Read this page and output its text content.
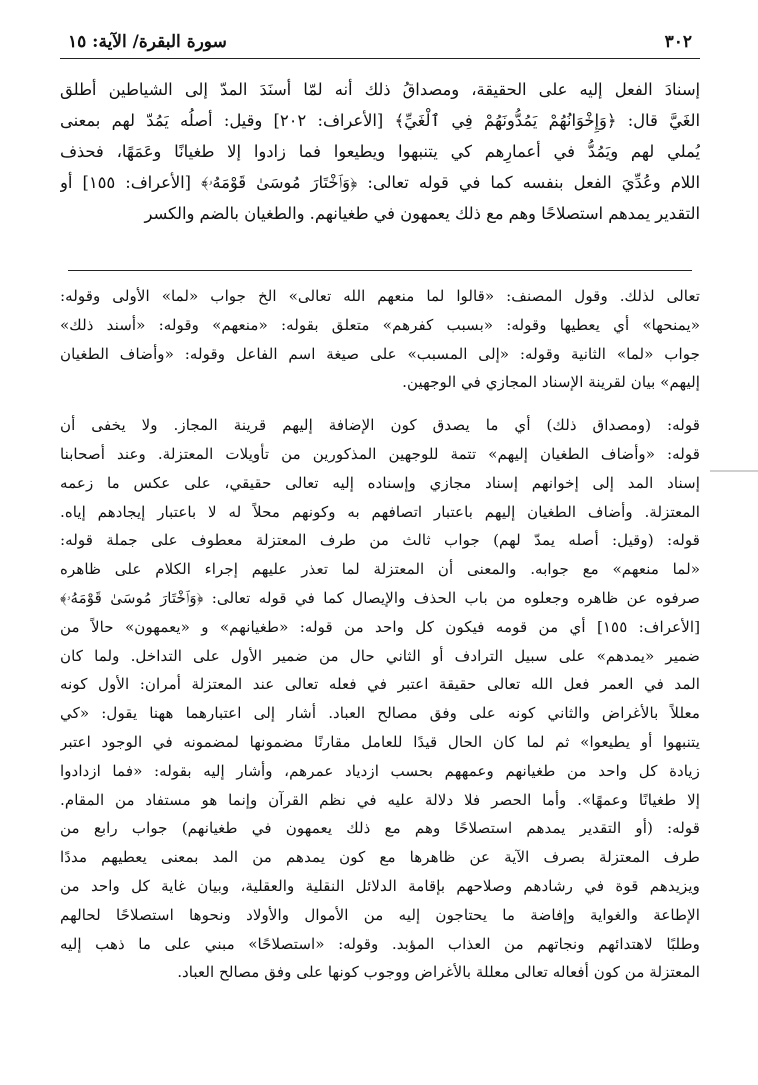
٣٠٢
سورة البقرة/ الآية: ١٥
إسنادَ الفعل إليه على الحقيقة، ومصداقُ ذلك أنه لمّا أسنَدَ المدّ إلى الشياطين أطلق
الغَيَّ قال: ﴿وَإِخْوَانُهُمْ يَمُدُّونَهُمْ فِي ٱلْغَيِّ﴾ [الأعراف: ٢٠٢] وقيل: أصلُه يَمُدّ لهم بمعنى
يُملي لهم ويَمُدُّ في أعمارِهم كي يتنبهوا ويطيعوا فما زادوا إلا طغيانًا وعَمَهًا، فحذف
اللام وعُدِّيَ الفعل بنفسه كما في قوله تعالى: ﴿وَٱخْتَارَ مُوسَىٰ قَوْمَهُۥ﴾ [الأعراف: ١٥٥] أو
التقدير يمدهم استصلاحًا وهم مع ذلك يعمهون في طغيانهم. والطغيان بالضم والكسر
تعالى لذلك. وقول المصنف: «قالوا لما منعهم الله تعالى» الخ جواب «لما» الأولى وقوله:
«يمنحها» أي يعطيها وقوله: «بسبب كفرهم» متعلق بقوله: «منعهم» وقوله: «أسند ذلك»
جواب «لما» الثانية وقوله: «إلى المسبب» على صيغة اسم الفاعل وقوله: «وأضاف الطغيان
إليهم» بيان لقرينة الإسناد المجازي في الوجهين.
قوله: (ومصداق ذلك) أي ما يصدق كون الإضافة إليهم قرينة المجاز. ولا يخفى أن
قوله: «وأضاف الطغيان إليهم» تتمة للوجهين المذكورين من تأويلات المعتزلة. وعند أصحابنا
إسناد المد إلى إخوانهم إسناد مجازي وإسناده إليه تعالى حقيقي، على عكس ما زعمه
المعتزلة. وأضاف الطغيان إليهم باعتبار اتصافهم به وكونهم محلاً له لا باعتبار إيجادهم إياه.
قوله: (وقيل: أصله يمدّ لهم) جواب ثالث من طرف المعتزلة معطوف على جملة قوله:
«لما منعهم» مع جوابه. والمعنى أن المعتزلة لما تعذر عليهم إجراء الكلام على ظاهره
صرفوه عن ظاهره وجعلوه من باب الحذف والإيصال كما في قوله تعالى: ﴿وَٱخْتَارَ مُوسَىٰ قَوْمَهُۥ﴾
[الأعراف: ١٥٥] أي من قومه فيكون كل واحد من قوله: «طغيانهم» و «يعمهون» حالاً من
ضمير «يمدهم» على سبيل الترادف أو الثاني حال من ضمير الأول على التداخل. ولما كان
المد في العمر فعل الله تعالى حقيقة اعتبر في فعله تعالى عند المعتزلة أمران: الأول كونه
معللاً بالأغراض والثاني كونه على وفق مصالح العباد. أشار إلى اعتبارهما ههنا يقول: «كي
يتنبهوا أو يطيعوا» ثم لما كان الحال قيدًا للعامل مقارنًا مضمونها لمضمونه في الوجود اعتبر
زيادة كل واحد من طغيانهم وعمههم بحسب ازدياد عمرهم، وأشار إليه بقوله: «فما ازدادوا
إلا طغيانًا وعمهًا». وأما الحصر فلا دلالة عليه في نظم القرآن وإنما هو مستفاد من المقام.
قوله: (أو التقدير يمدهم استصلاحًا وهم مع ذلك يعمهون في طغيانهم) جواب رابع من
طرف المعتزلة بصرف الآية عن ظاهرها مع كون يمدهم من المد بمعنى يعطيهم مددًا
ويزيدهم قوة في رشادهم وصلاحهم بإقامة الدلائل النقلية والعقلية، وبيان غاية كل واحد من
الإطاعة والغواية وإفاضة ما يحتاجون إليه من الأموال والأولاد ونحوها استصلاحًا لحالهم
وطلبًا لاهتدائهم ونجاتهم من العذاب المؤبد. وقوله: «استصلاحًا» مبني على ما ذهب إليه
المعتزلة من كون أفعاله تعالى معللة بالأغراض ووجوب كونها على وفق مصالح العباد.
